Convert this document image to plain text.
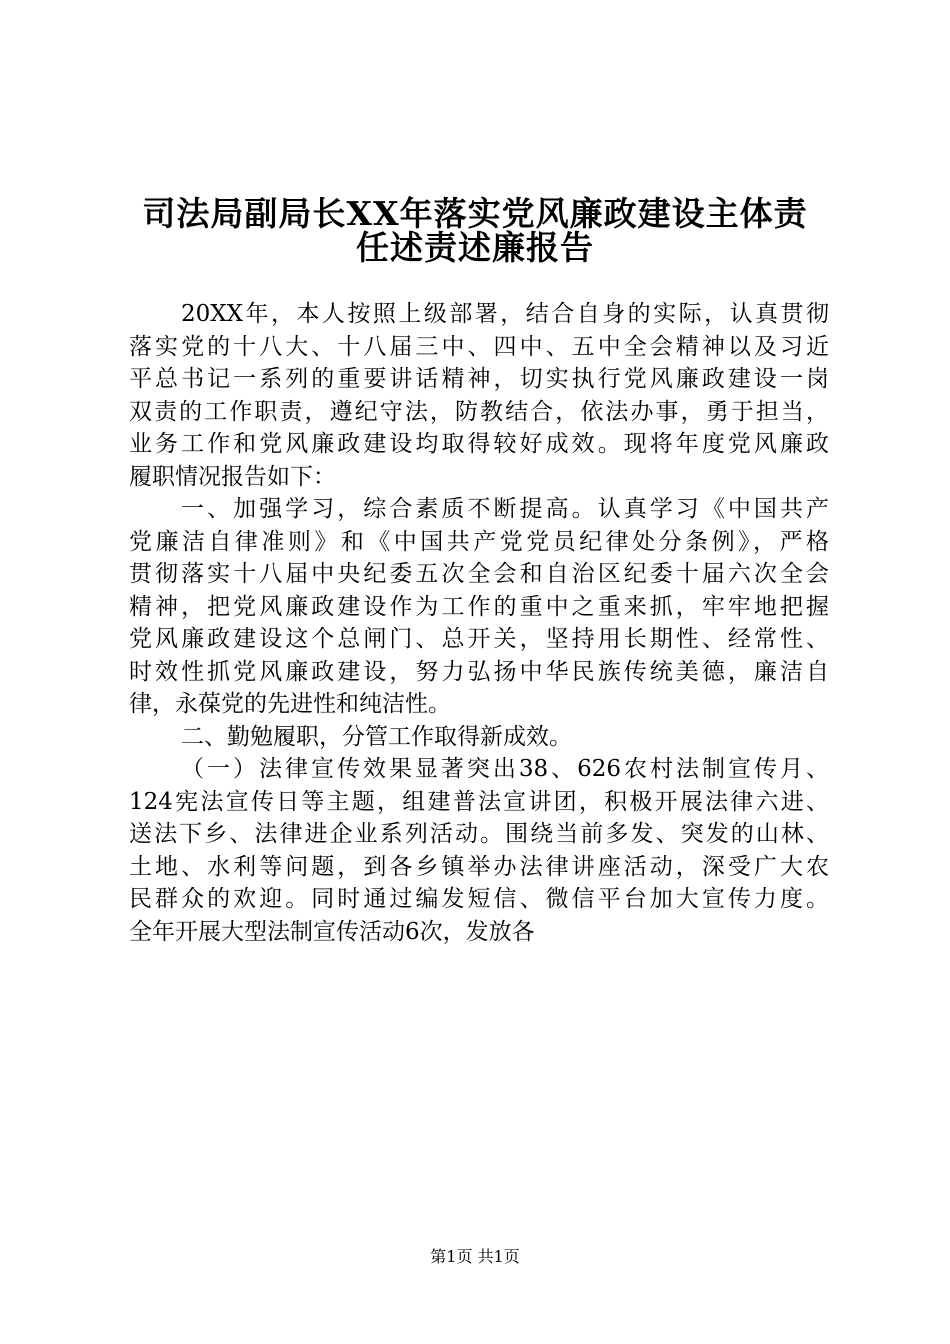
司法局副局长XX年落实党风廉政建设主体责
任述责述廉报告
20XX年，本人按照上级部署，结合自身的实际，认真贯彻
落实党的十八大、十八届三中、四中、五中全会精神以及习近
平总书记一系列的重要讲话精神，切实执行党风廉政建设一岗
双责的工作职责，遵纪守法，防教结合，依法办事，勇于担当，
业务工作和党风廉政建设均取得较好成效。现将年度党风廉政
履职情况报告如下：
一、加强学习，综合素质不断提高。认真学习《中国共产
党廉洁自律准则》和《中国共产党党员纪律处分条例》，严格
贯彻落实十八届中央纪委五次全会和自治区纪委十届六次全会
精神，把党风廉政建设作为工作的重中之重来抓，牢牢地把握
党风廉政建设这个总闸门、总开关，坚持用长期性、经常性、
时效性抓党风廉政建设，努力弘扬中华民族传统美德，廉洁自
律，永葆党的先进性和纯洁性。
二、勤勉履职，分管工作取得新成效。
（一）法律宣传效果显著突出38、626农村法制宣传月、
124宪法宣传日等主题，组建普法宣讲团，积极开展法律六进、
送法下乡、法律进企业系列活动。围绕当前多发、突发的山林、
土地、水利等问题，到各乡镇举办法律讲座活动，深受广大农
民群众的欢迎。同时通过编发短信、微信平台加大宣传力度。
全年开展大型法制宣传活动6次，发放各
第1页 共1页
